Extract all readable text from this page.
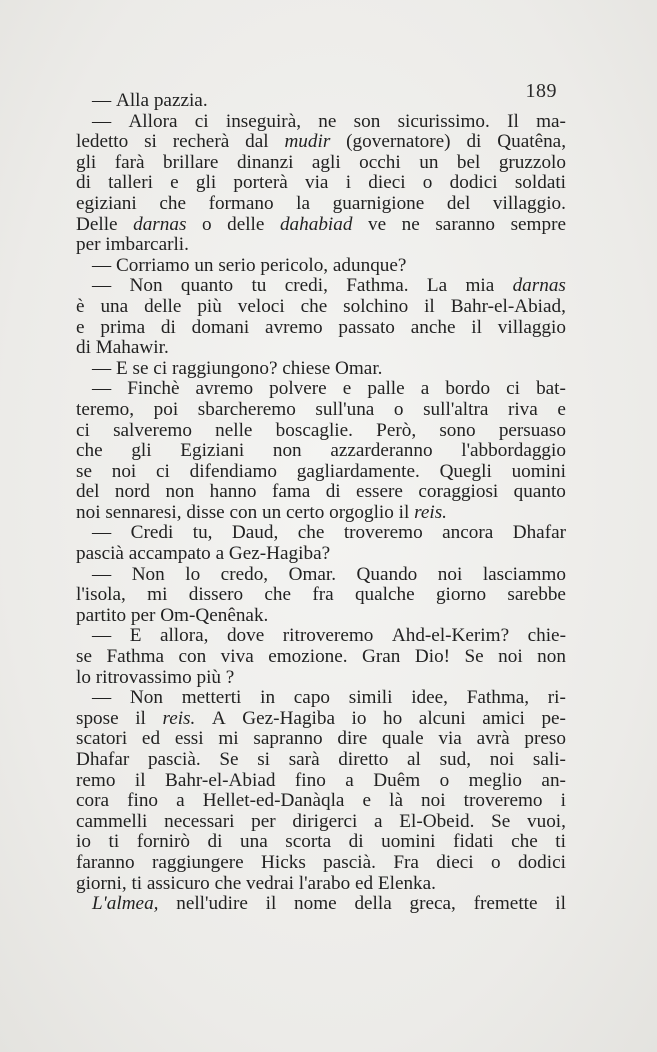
189
— Alla pazzia.
— Allora ci inseguirà, ne son sicurissimo. Il ma-
ledetto si recherà dal mudir (governatore) di Quatêna,
gli farà brillare dinanzi agli occhi un bel gruzzolo
di talleri e gli porterà via i dieci o dodici soldati
egiziani che formano la guarnigione del villaggio.
Delle darnas o delle dahabiad ve ne saranno sempre
per imbarcarli.
— Corriamo un serio pericolo, adunque?
— Non quanto tu credi, Fathma. La mia darnas
è una delle più veloci che solchino il Bahr-el-Abiad,
e prima di domani avremo passato anche il villaggio
di Mahawir.
— E se ci raggiungono? chiese Omar.
— Finchè avremo polvere e palle a bordo ci bat-
teremo, poi sbarcheremo sull'una o sull'altra riva e
ci salveremo nelle boscaglie. Però, sono persuaso
che gli Egiziani non azzarderanno l'abbordaggio
se noi ci difendiamo gagliardamente. Quegli uomini
del nord non hanno fama di essere coraggiosi quanto
noi sennaresi, disse con un certo orgoglio il reis.
— Credi tu, Daud, che troveremo ancora Dhafar
pascià accampato a Gez-Hagiba?
— Non lo credo, Omar. Quando noi lasciammo
l'isola, mi dissero che fra qualche giorno sarebbe
partito per Om-Qenênak.
— E allora, dove ritroveremo Ahd-el-Kerim? chie-
se Fathma con viva emozione. Gran Dio! Se noi non
lo ritrovassimo più ?
— Non metterti in capo simili idee, Fathma, ri-
spose il reis. A Gez-Hagiba io ho alcuni amici pe-
scatori ed essi mi sapranno dire quale via avrà preso
Dhafar pascià. Se si sarà diretto al sud, noi sali-
remo il Bahr-el-Abiad fino a Duêm o meglio an-
cora fino a Hellet-ed-Danàqla e là noi troveremo i
cammelli necessari per dirigerci a El-Obeid. Se vuoi,
io ti fornirò di una scorta di uomini fidati che ti
faranno raggiungere Hicks pascià. Fra dieci o dodici
giorni, ti assicuro che vedrai l'arabo ed Elenka.
L'almea, nell'udire il nome della greca, fremette il
